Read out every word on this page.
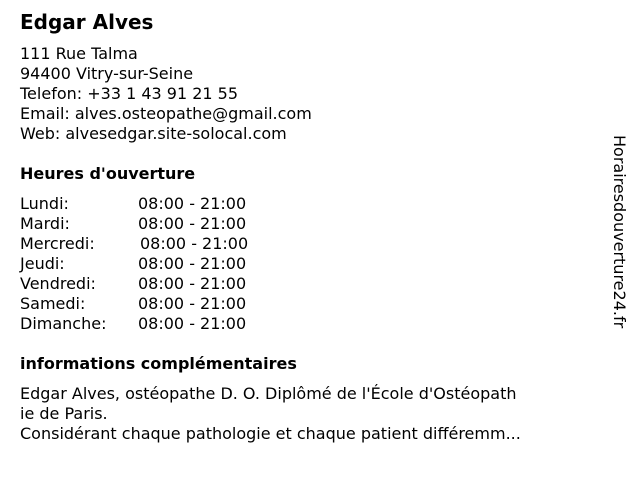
Edgar Alves
111 Rue Talma
94400 Vitry-sur-Seine
Telefon: +33 1 43 91 21 55
Email: alves.osteopathe@gmail.com
Web: alvesedgar.site-solocal.com
Heures d'ouverture
Lundi:	08:00 - 21:00
Mardi:	08:00 - 21:00
Mercredi:	08:00 - 21:00
Jeudi:	08:00 - 21:00
Vendredi:	08:00 - 21:00
Samedi:	08:00 - 21:00
Dimanche: 08:00 - 21:00
informations complémentaires
Edgar Alves, ostéopathe D. O. Diplômé de l'École d'Ostéopath
ie de Paris.
Considérant chaque pathologie et chaque patient différemm...
Horairesdouverture24.fr
